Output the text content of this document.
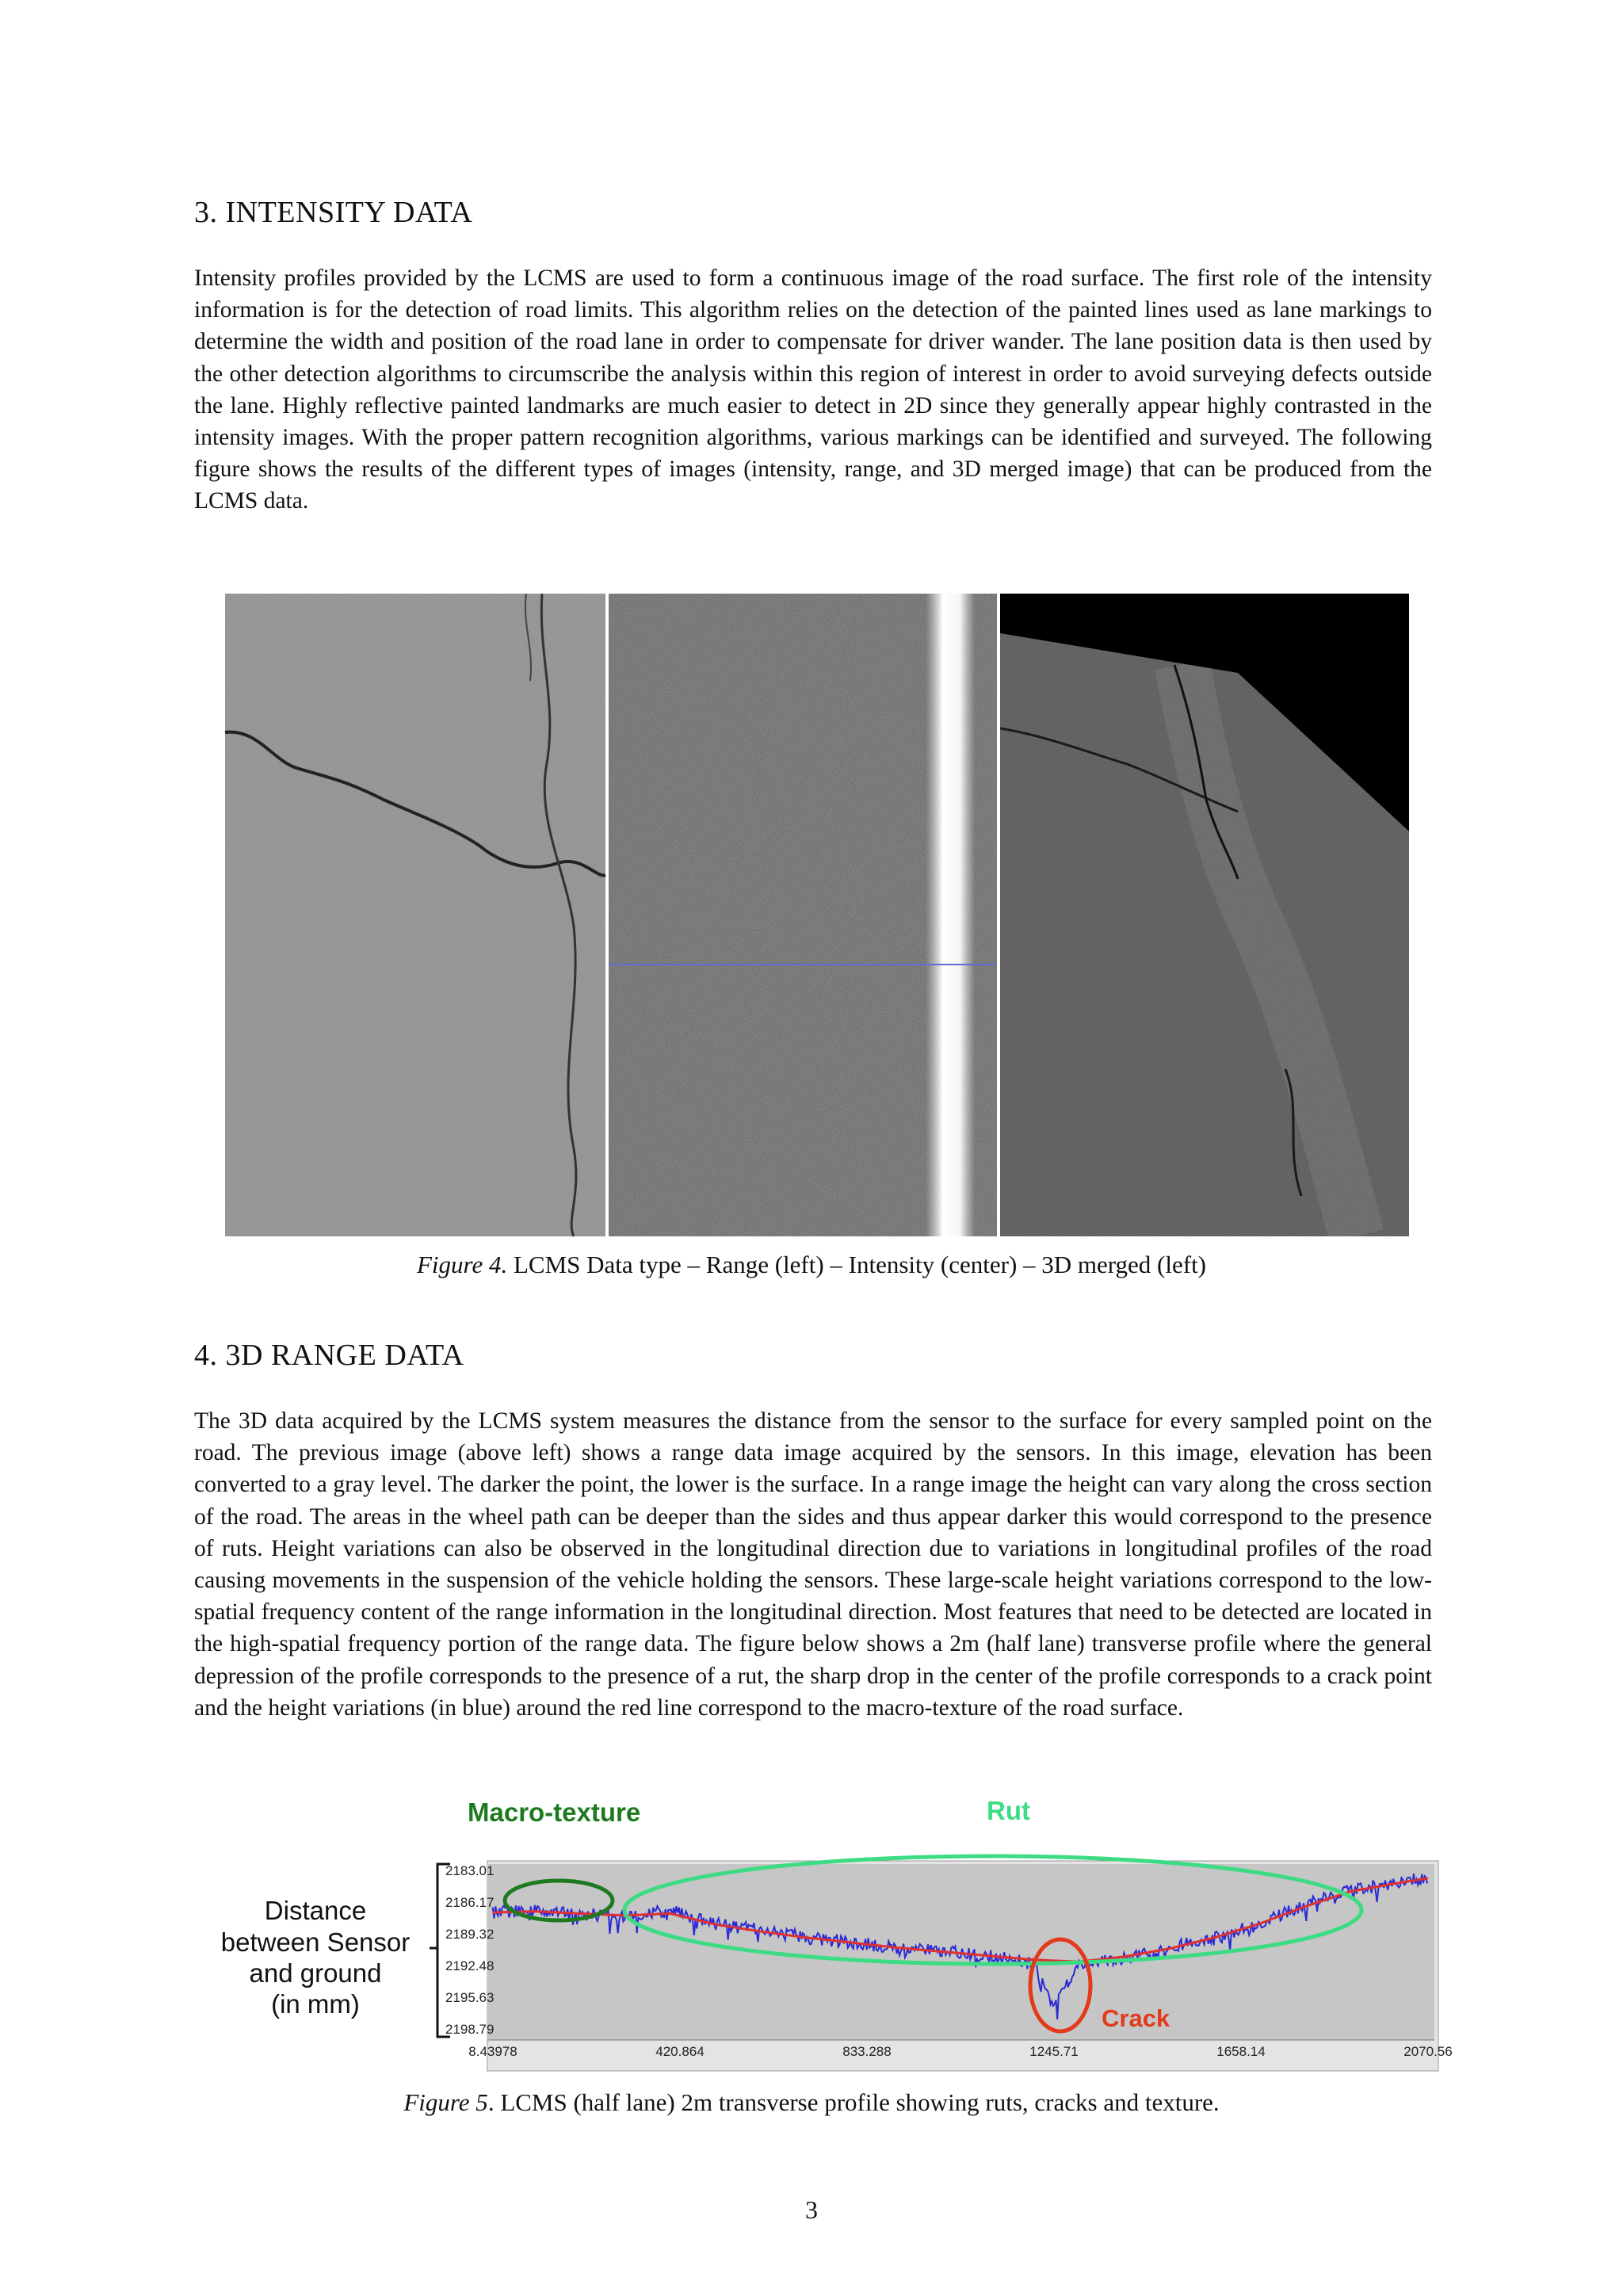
3. INTENSITY DATA

Intensity profiles provided by the LCMS are used to form a continuous image of the road surface. The first role of the intensity information is for the detection of road limits. This algorithm relies on the detection of the painted lines used as lane markings to determine the width and position of the road lane in order to compensate for driver wander. The lane position data is then used by the other detection algorithms to circumscribe the analysis within this region of interest in order to avoid surveying defects outside the lane. Highly reflective painted landmarks are much easier to detect in 2D since they generally appear highly contrasted in the intensity images. With the proper pattern recognition algorithms, various markings can be identified and surveyed. The following figure shows the results of the different types of images (intensity, range, and 3D merged image) that can be produced from the LCMS data.

Figure 4. LCMS Data type – Range (left) – Intensity (center) – 3D merged (left)
4. 3D RANGE DATA

The 3D data acquired by the LCMS system measures the distance from the sensor to the surface for every sampled point on the road. The previous image (above left) shows a range data image acquired by the sensors. In this image, elevation has been converted to a gray level. The darker the point, the lower is the surface. In a range image the height can vary along the cross section of the road. The areas in the wheel path can be deeper than the sides and thus appear darker this would correspond to the presence of ruts. Height variations can also be observed in the longitudinal direction due to variations in longitudinal profiles of the road causing movements in the suspension of the vehicle holding the sensors. These large-scale height variations correspond to the low-spatial frequency content of the range information in the longitudinal direction. Most features that need to be detected are located in the high-spatial frequency portion of the range data. The figure below shows a 2m (half lane) transverse profile where the general depression of the profile corresponds to the presence of a rut, the sharp drop in the center of the profile corresponds to a crack point and the height variations (in blue) around the red line correspond to the macro-texture of the road surface.

Macro-texture	Rut
Distance
between Sensor
and ground
(in mm)
2183.01
2186.17
2189.32
2192.48
2195.63
2198.79
8.43978	420.864	833.288	1245.71	1658.14	2070.56
Crack
Figure 5. LCMS (half lane) 2m transverse profile showing ruts, cracks and texture.
3
